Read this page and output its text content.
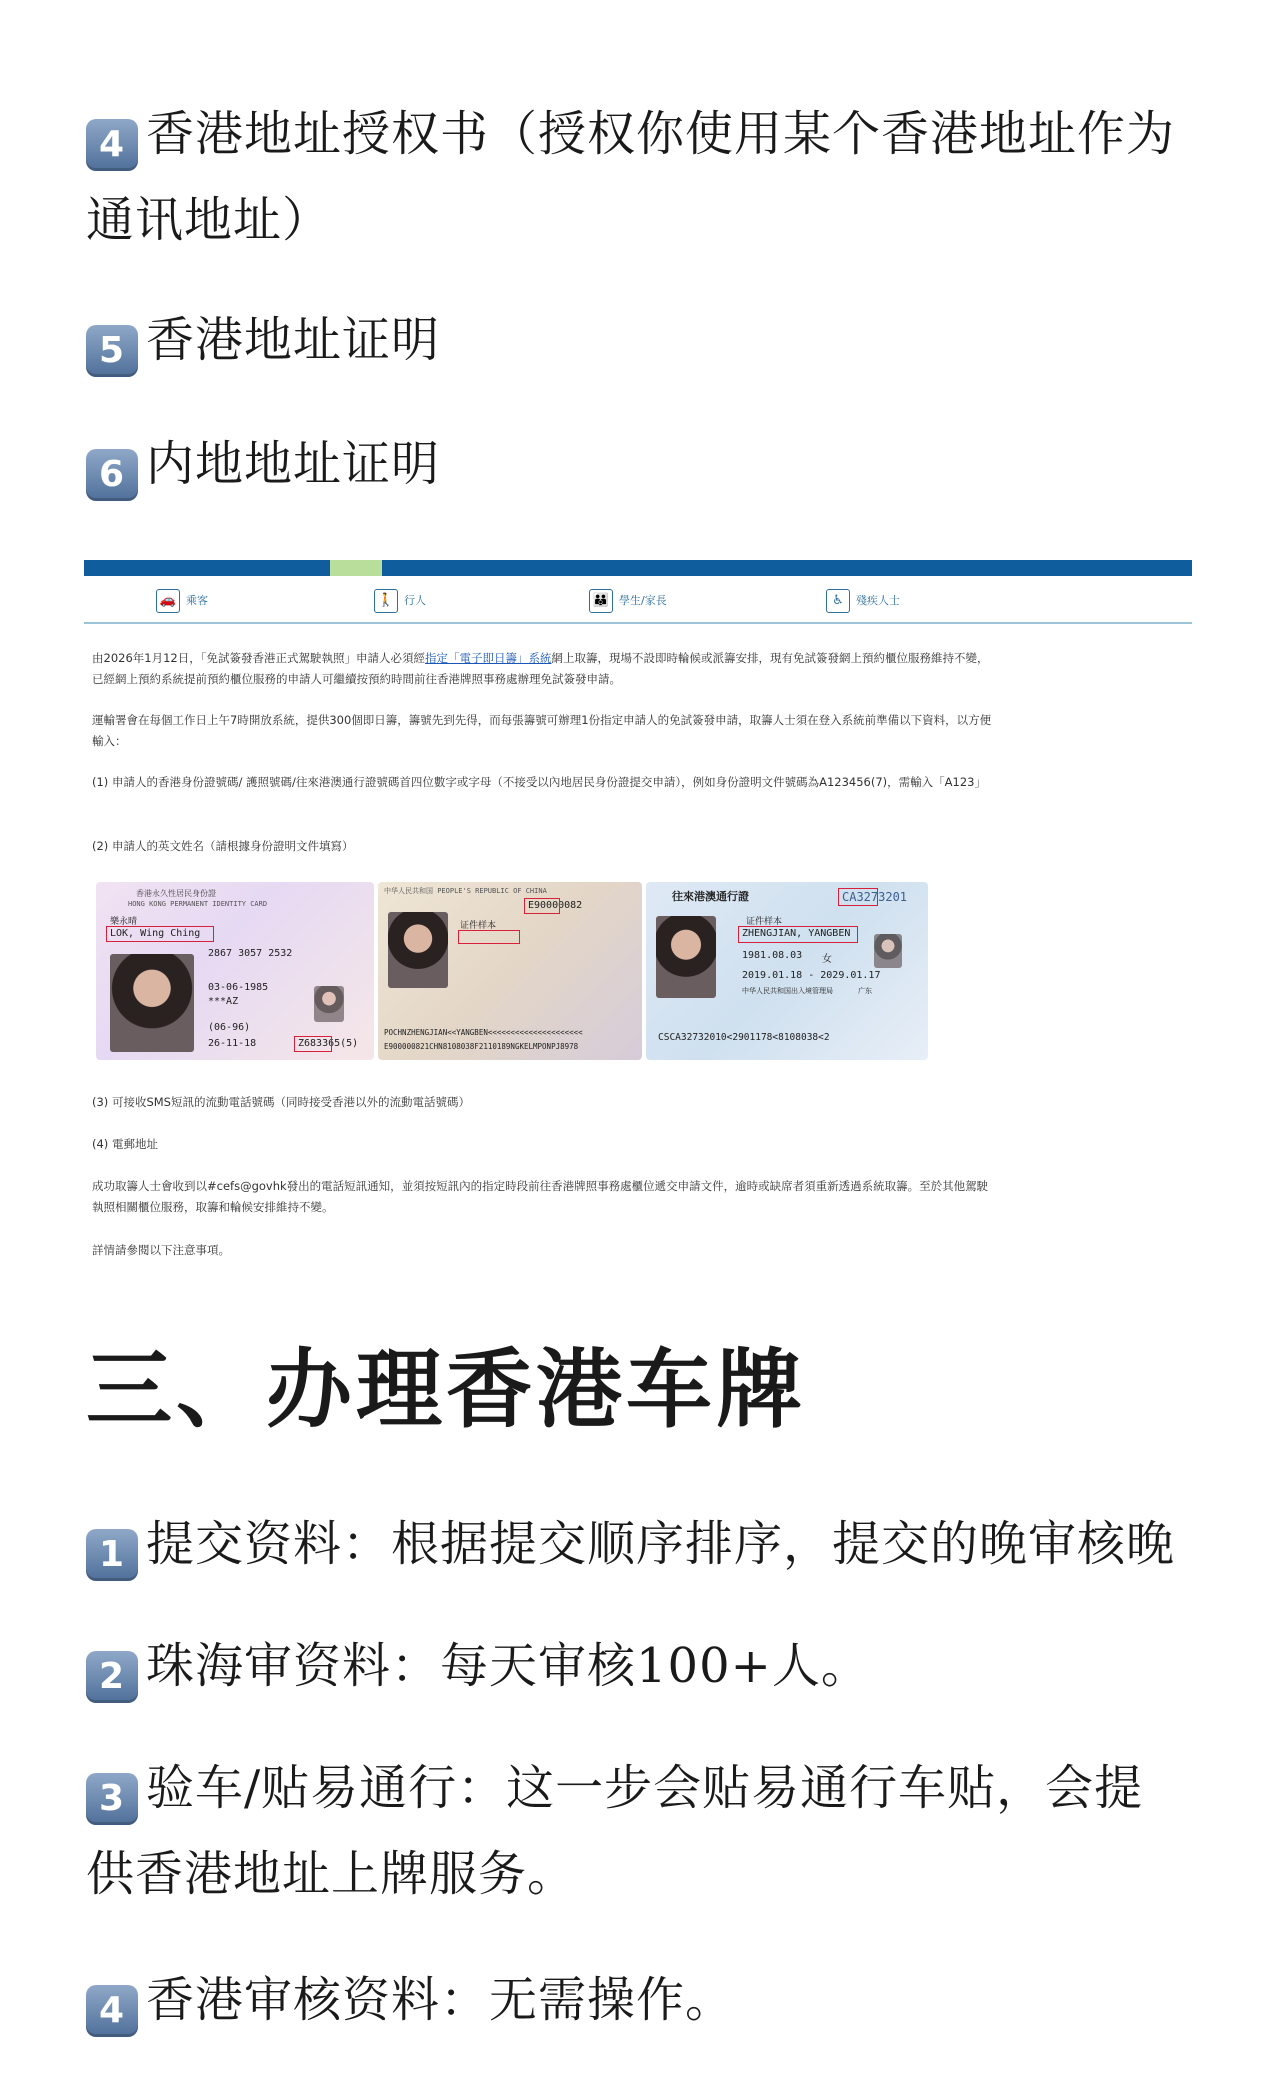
4 香港地址授权书（授权你使用某个香港地址作为
通讯地址）
5 香港地址证明
6 内地地址证明
🚗 乘客	🚶 行人	👪 學生/家長	♿ 殘疾人士
由2026年1月12日，「免試簽發香港正式駕駛執照」申請人必須經指定「電子即日籌」系統網上取籌，現場不設即時輪候或派籌安排，現有免試簽發網上預約櫃位服務維持不變，已經網上預約系統提前預約櫃位服務的申請人可繼續按預約時間前往香港牌照事務處辦理免試簽發申請。
運輸署會在每個工作日上午7時開放系統，提供300個即日籌，籌號先到先得，而每張籌號可辦理1份指定申請人的免試簽發申請，取籌人士須在登入系統前準備以下資料，以方便輸入：
(1) 申請人的香港身份證號碼/ 護照號碼/往來港澳通行證號碼首四位數字或字母（不接受以內地居民身份證提交申請），例如身份證明文件號碼為A123456(7)，需輸入「A123」
(2) 申請人的英文姓名（請根據身份證明文件填寫）
香港永久性居民身份證
HONG KONG PERMANENT IDENTITY CARD
樂永晴
LOK, Wing Ching
2867 3057 2532
03-06-1985
***AZ
(06-96)
26-11-18	Z683365(5)
中华人民共和国 PEOPLE'S REPUBLIC OF CHINA
E90000082
证件样本
POCHNZHENGJIAN<<YANGBEN<<<<<<<<<<<<<<<<<<<<<
E900000821CHN8108038F2110189NGKELMPONPJ8978
往來港澳通行證	CA3273201
证件样本
ZHENGJIAN, YANGBEN
1981.08.03 女
2019.01.18 - 2029.01.17
中华人民共和国出入境管理局	广东
CSCA32732010<2901178<8108038<2
(3) 可接收SMS短訊的流動電話號碼（同時接受香港以外的流動電話號碼）
(4) 電郵地址
成功取籌人士會收到以#cefs@govhk發出的電話短訊通知，並須按短訊內的指定時段前往香港牌照事務處櫃位遞交申請文件，逾時或缺席者須重新透過系統取籌。至於其他駕駛執照相關櫃位服務，取籌和輪候安排維持不變。
詳情請參閱以下注意事項。
三、办理香港车牌
1 提交资料：根据提交顺序排序，提交的晚审核晚
2 珠海审资料：每天审核100+人。
3 验车/贴易通行：这一步会贴易通行车贴，会提
供香港地址上牌服务。
4 香港审核资料：无需操作。
